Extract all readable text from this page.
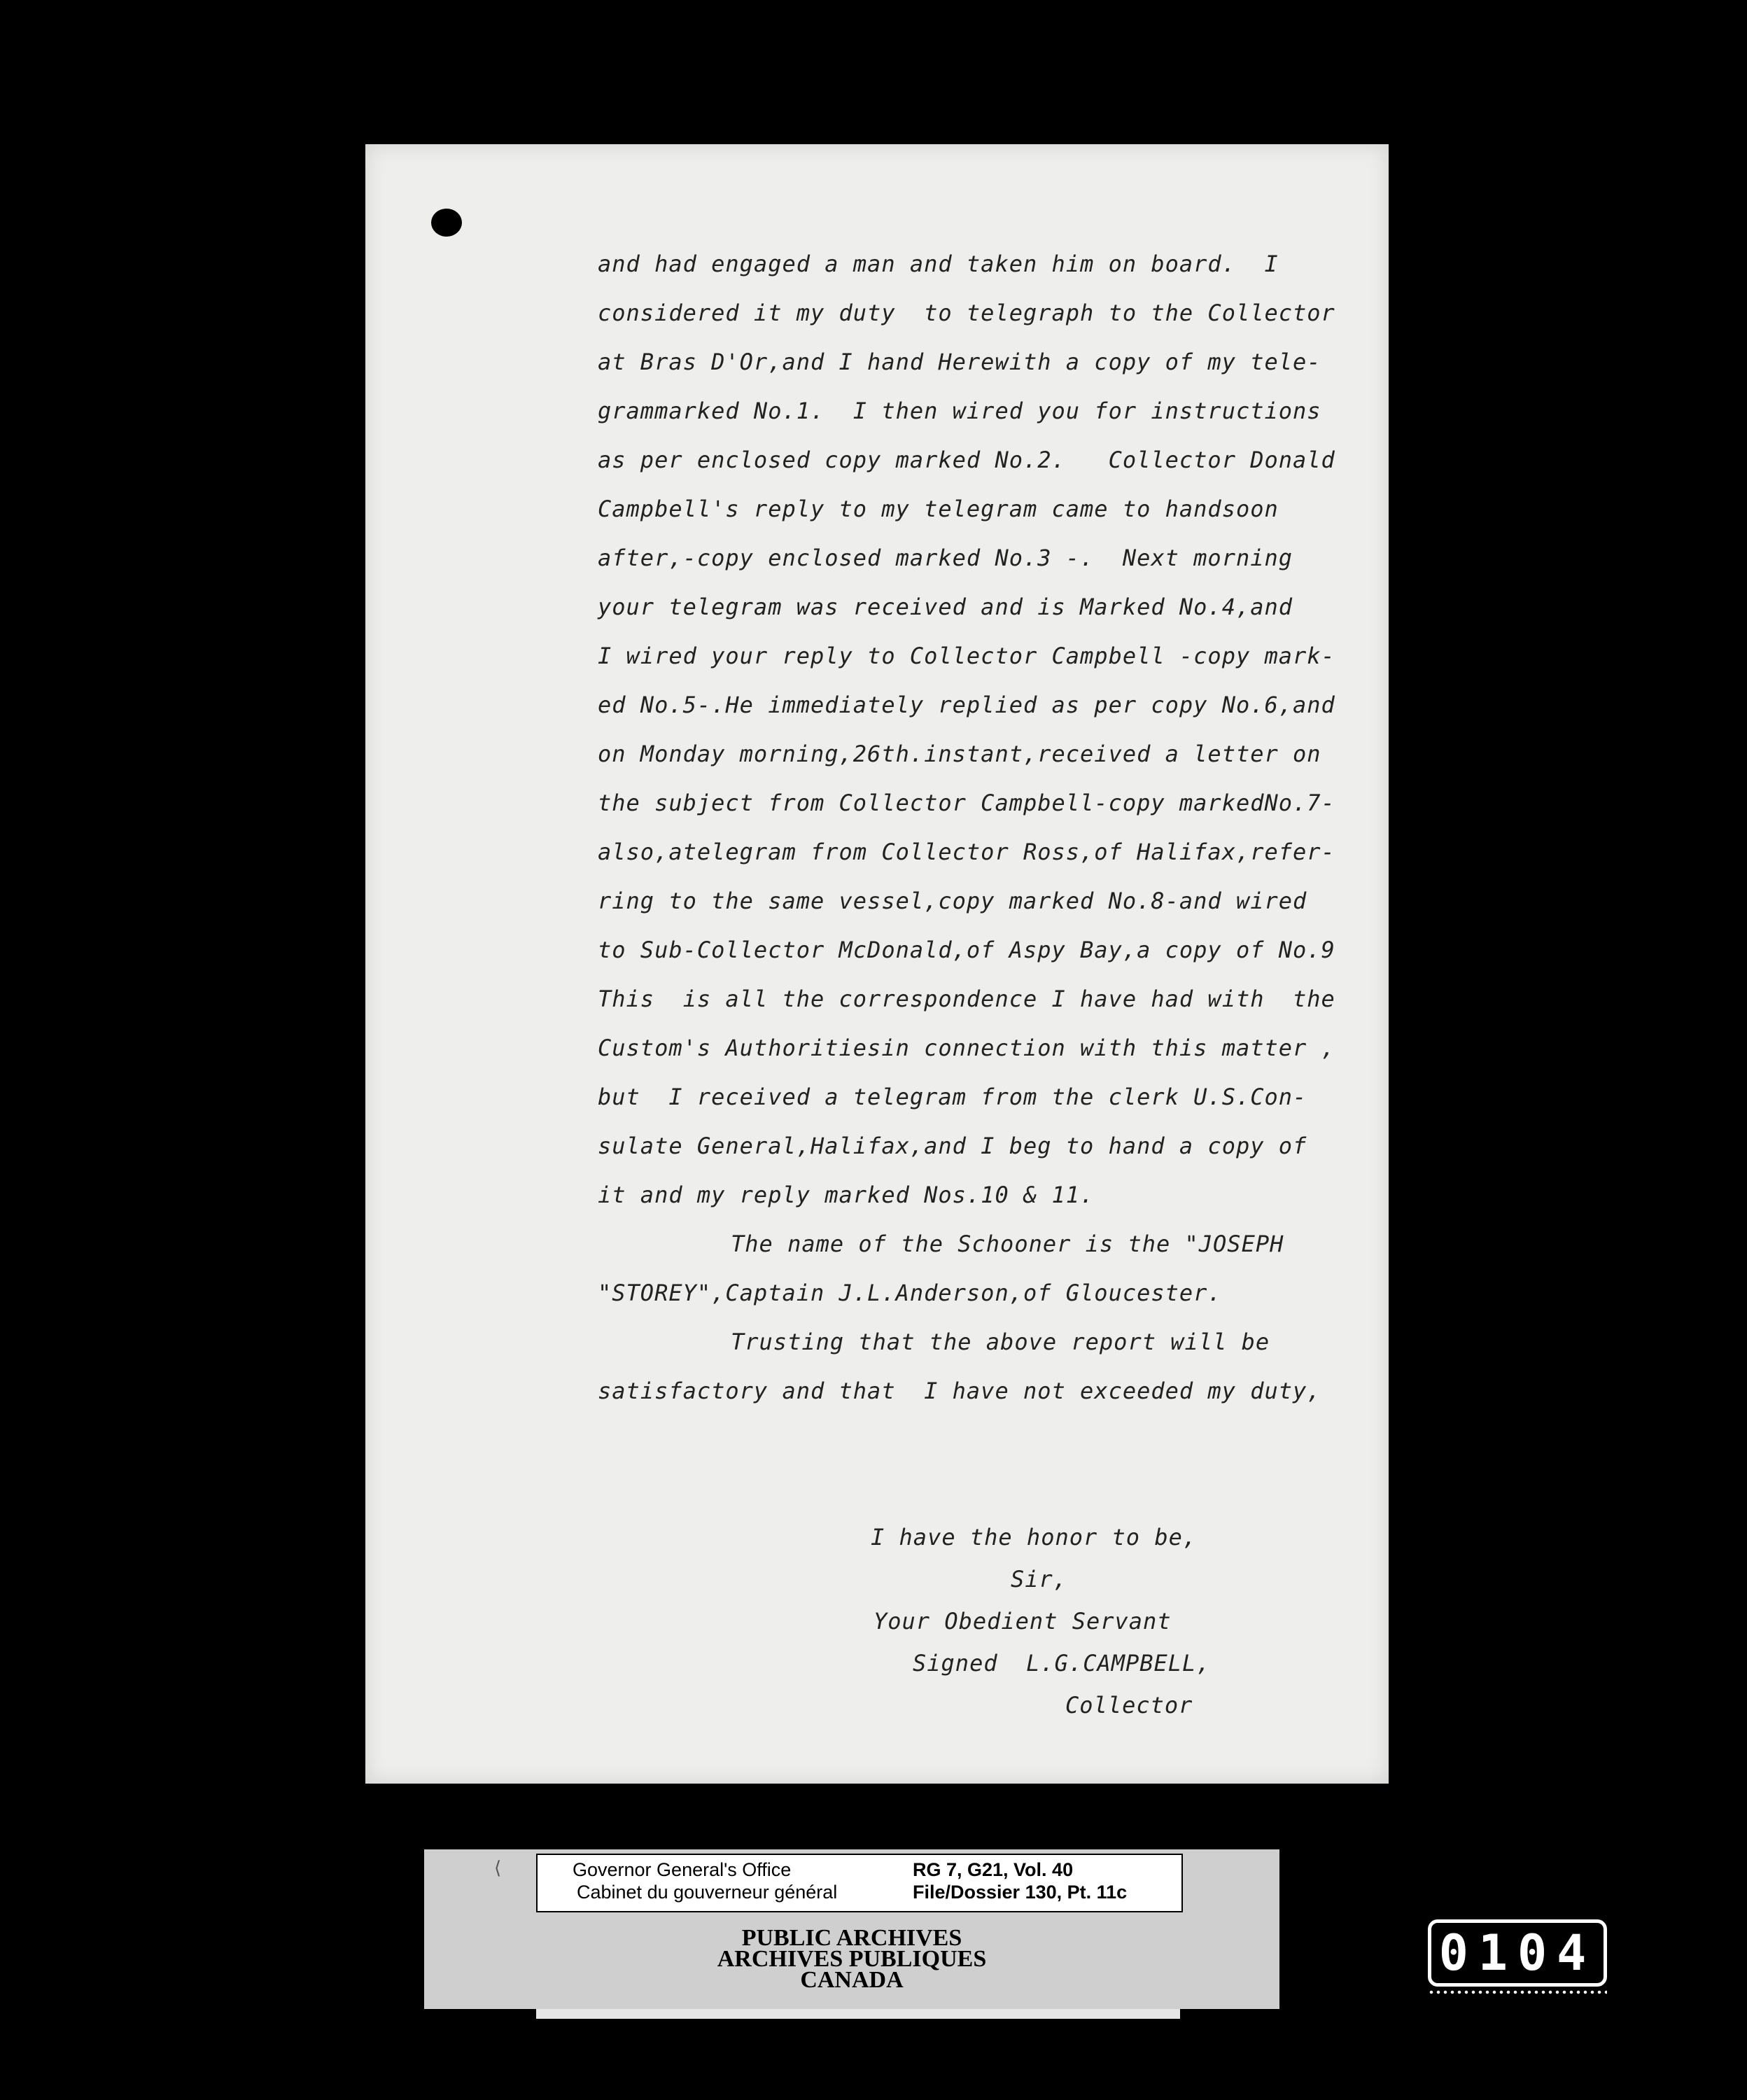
and had engaged a man and taken him on board.  I
considered it my duty  to telegraph to the Collector
at Bras D'Or,and I hand Herewith a copy of my tele-
grammarked No.1.  I then wired you for instructions
as per enclosed copy marked No.2.   Collector Donald
Campbell's reply to my telegram came to handsoon
after,-copy enclosed marked No.3 -.  Next morning
your telegram was received and is Marked No.4,and
I wired your reply to Collector Campbell -copy mark-
ed No.5-.He immediately replied as per copy No.6,and
on Monday morning,26th.instant,received a letter on
the subject from Collector Campbell-copy markedNo.7-
also,atelegram from Collector Ross,of Halifax,refer-
ring to the same vessel,copy marked No.8-and wired
to Sub-Collector McDonald,of Aspy Bay,a copy of No.9
This  is all the correspondence I have had with  the
Custom's Authoritiesin connection with this matter ,
but  I received a telegram from the clerk U.S.Con-
sulate General,Halifax,and I beg to hand a copy of
it and my reply marked Nos.10 & 11.
The name of the Schooner is the "JOSEPH
"STOREY",Captain J.L.Anderson,of Gloucester.
Trusting that the above report will be
satisfactory and that  I have not exceeded my duty,
I have the honor to be,
Sir,
Your Obedient Servant
Signed  L.G.CAMPBELL,
Collector
⟨	Governor General's Office
Cabinet du gouverneur général
RG 7, G21, Vol. 40
File/Dossier 130, Pt. 11c
PUBLIC ARCHIVES
ARCHIVES PUBLIQUES
CANADA	0104
